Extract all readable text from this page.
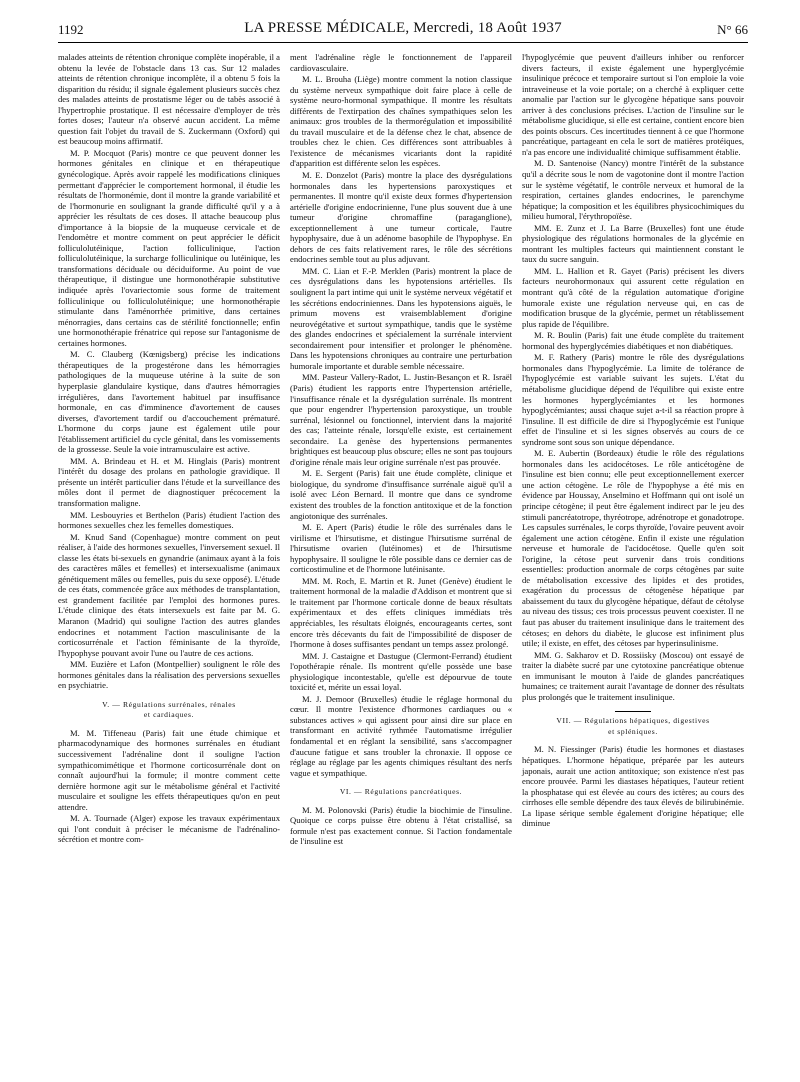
1192	LA PRESSE MÉDICALE, Mercredi, 18 Août 1937	N° 66

malades atteints de rétention chronique complète inopérable, il a obtenu la levée de l'obstacle dans 13 cas. Sur 12 malades atteints de rétention chronique incomplète, il a obtenu 5 fois la disparition du résidu; il signale également plusieurs succès chez des malades atteints de prostatisme léger ou de tabès associé à l'hypertrophie prostatique. Il est nécessaire d'employer de très fortes doses; l'auteur n'a observé aucun accident. La même question fait l'objet du travail de S. Zuckermann (Oxford) qui est beaucoup moins affirmatif.

M. P. Mocquot (Paris) montre ce que peuvent donner les hormones génitales en clinique et en thérapeutique gynécologique. Après avoir rappelé les modifications cliniques permettant d'apprécier le comportement hormonal, il étudie les résultats de l'hormonémie, dont il montre la grande variabilité et de l'hormonurie en soulignant la grande difficulté qu'il y a à apprécier les résultats de ces doses. Il attache beaucoup plus d'importance à la biopsie de la muqueuse cervicale et de l'endomètre et montre comment on peut apprécier le déficit folliculolutéinique, l'action folliculinique, l'action folliculolutéinique, la surcharge folliculinique ou lutéinique, les transformations déciduale ou déciduiforme. Au point de vue thérapeutique, il distingue une hormonothérapie substitutive indiquée après l'ovariectomie sous forme de traitement folliculinique ou folliculolutéinique; une hormonothérapie stimulante dans l'aménorrhée primitive, dans certaines ménorragies, dans certains cas de stérilité fonctionnelle; enfin une hormonothérapie frénatrice qui repose sur l'antagonisme de certaines hormones.

M. C. Clauberg (Kœnigsberg) précise les indications thérapeutiques de la progestérone dans les hémorragies pathologiques de la muqueuse utérine à la suite de son hyperplasie glandulaire kystique, dans d'autres hémorragies irrégulières, dans l'avortement habituel par insuffisance hormonale, en cas d'imminence d'avortement de causes diverses, d'avortement tardif ou d'accouchement prématuré. L'hormone du corps jaune est également utile pour l'établissement artificiel du cycle génital, dans les vomissements de la grossesse. Seule la voie intramusculaire est active.

MM. A. Brindeau et H. et M. Hinglais (Paris) montrent l'intérêt du dosage des prolans en pathologie gravidique. Il présente un intérêt particulier dans l'étude et la surveillance des môles dont il permet de diagnostiquer précocement la transformation maligne.

MM. Lesbouyries et Berthelon (Paris) étudient l'action des hormones sexuelles chez les femelles domestiques.

M. Knud Sand (Copenhague) montre comment on peut réaliser, à l'aide des hormones sexuelles, l'inversement sexuel. Il classe les états bi-sexuels en gynandrie (animaux ayant à la fois des caractères mâles et femelles) et intersexualisme (animaux génétiquement mâles ou femelles, puis du sexe opposé). L'étude de ces états, commencée grâce aux méthodes de transplantation, est grandement facilitée par l'emploi des hormones pures. L'étude clinique des états intersexuels est faite par M. G. Maranon (Madrid) qui souligne l'action des autres glandes endocrines et notamment l'action masculinisante de la corticosurrénale et l'action féminisante de la thyroïde, l'hypophyse pouvant avoir l'une ou l'autre de ces actions.

MM. Euzière et Lafon (Montpellier) soulignent le rôle des hormones génitales dans la réalisation des perversions sexuelles en psychiatrie.

V. — Régulations surrénales, rénales
et cardiaques.

M. M. Tiffeneau (Paris) fait une étude chimique et pharmacodynamique des hormones surrénales en étudiant successivement l'adrénaline dont il souligne l'action sympathicomimétique et l'hormone corticosurrénale dont on connaît aujourd'hui la formule; il montre comment cette dernière hormone agit sur le métabolisme général et l'activité musculaire et souligne les effets thérapeutiques qu'on en peut attendre.

M. A. Tournade (Alger) expose les travaux expérimentaux qui l'ont conduit à préciser le mécanisme de l'adrénalino-sécrétion et montre com-

ment l'adrénaline règle le fonctionnement de l'appareil cardiovasculaire.

M. L. Brouha (Liège) montre comment la notion classique du système nerveux sympathique doit faire place à celle de système neuro-hormonal sympathique. Il montre les résultats différents de l'extirpation des chaînes sympathiques selon les animaux: gros troubles de la thermorégulation et impossibilité du travail musculaire et de la défense chez le chat, absence de troubles chez le chien. Ces différences sont attribuables à l'existence de mécanismes vicariants dont la rapidité d'apparition est différente selon les espèces.

M. E. Donzelot (Paris) montre la place des dysrégulations hormonales dans les hypertensions paroxystiques et permanentes. Il montre qu'il existe deux formes d'hypertension artérielle d'origine endocrinienne, l'une plus souvent due à une tumeur d'origine chromaffine (paraganglione), exceptionnellement à une tumeur corticale, l'autre hypophysaire, due à un adénome basophile de l'hypophyse. En dehors de ces faits relativement rares, le rôle des sécrétions endocrines semble tout au plus adjuvant.

MM. C. Lian et F.-P. Merklen (Paris) montrent la place de ces dysrégulations dans les hypotensions artérielles. Ils soulignent la part intime qui unit le système nerveux végétatif et les sécrétions endocriniennes. Dans les hypotensions aiguës, le primum movens est vraisemblablement d'origine neurovégétative et surtout sympathique, tandis que le système des glandes endocrines et spécialement la surrénale intervient secondairement pour intensifier et prolonger le phénomène. Dans les hypotensions chroniques au contraire une perturbation humorale importante et durable semble nécessaire.

MM. Pasteur Vallery-Radot, L. Justin-Besançon et R. Israël (Paris) étudient les rapports entre l'hypertension artérielle, l'insuffisance rénale et la dysrégulation surrénale. Ils montrent que pour engendrer l'hypertension paroxystique, un trouble surrénal, lésionnel ou fonctionnel, intervient dans la majorité des cas; l'atteinte rénale, lorsqu'elle existe, est certainement secondaire. La genèse des hypertensions permanentes brightiques est beaucoup plus obscure; elles ne sont pas toujours d'origine rénale mais leur origine surrénale n'est pas prouvée.

M. E. Sergent (Paris) fait une étude complète, clinique et biologique, du syndrome d'insuffisance surrénale aiguë qu'il a isolé avec Léon Bernard. Il montre que dans ce syndrome existent des troubles de la fonction antitoxique et de la fonction angiotonique des surrénales.

M. E. Apert (Paris) étudie le rôle des surrénales dans le virilisme et l'hirsutisme, et distingue l'hirsutisme surrénal de l'hirsutisme ovarien (lutéinomes) et de l'hirsutisme hypophysaire. Il souligne le rôle possible dans ce dernier cas de corticostimuline et de l'hormone lutéinisante.

MM. M. Roch, E. Martin et R. Junet (Genève) étudient le traitement hormonal de la maladie d'Addison et montrent que si le traitement par l'hormone corticale donne de beaux résultats expérimentaux et des effets cliniques immédiats très appréciables, les résultats éloignés, encourageants certes, sont encore très décevants du fait de l'impossibilité de disposer de l'hormone à doses suffisantes pendant un temps assez prolongé.

MM. J. Castaigne et Dastugue (Clermont-Ferrand) étudient l'opothérapie rénale. Ils montrent qu'elle possède une base physiologique incontestable, qu'elle est dépourvue de toute toxicité et, mérite un essai loyal.

M. J. Demoor (Bruxelles) étudie le réglage hormonal du cœur. Il montre l'existence d'hormones cardiaques ou « substances actives » qui agissent pour ainsi dire sur place en transformant en activité rythmée l'automatisme irrégulier fondamental et en réglant la sensibilité, sans s'accompagner d'aucune fatigue et sans troubler la chronaxie. Il oppose ce réglage au réglage par les agents chimiques résultant des nerfs vague et sympathique.

VI. — Régulations pancréatiques.

M. M. Polonovski (Paris) étudie la biochimie de l'insuline. Quoique ce corps puisse être obtenu à l'état cristallisé, sa formule n'est pas exactement connue. Si l'action fondamentale de l'insuline est

l'hypoglycémie que peuvent d'ailleurs inhiber ou renforcer divers facteurs, il existe également une hyperglycémie insulinique précoce et temporaire surtout si l'on emploie la voie intraveineuse et la voie portale; on a cherché à expliquer cette anomalie par l'action sur le glycogène hépatique sans pouvoir arriver à des conclusions précises. L'action de l'insuline sur le métabolisme glucidique, si elle est certaine, contient encore bien des points obscurs. Ces incertitudes tiennent à ce que l'hormone pancréatique, partageant en cela le sort de matières protéiques, n'a pas encore une individualité chimique suffisamment établie.

M. D. Santenoise (Nancy) montre l'intérêt de la substance qu'il a décrite sous le nom de vagotonine dont il montre l'action sur le système végétatif, le contrôle nerveux et humoral de la respiration, certaines glandes endocrines, le parenchyme hépatique; la composition et les équilibres physicochimiques du milieu humoral, l'érythropoïèse.

MM. E. Zunz et J. La Barre (Bruxelles) font une étude physiologique des régulations hormonales de la glycémie en montrant les multiples facteurs qui maintiennent constant le taux du sucre sanguin.

MM. L. Hallion et R. Gayet (Paris) précisent les divers facteurs neurohormonaux qui assurent cette régulation en montrant qu'à côté de la régulation automatique d'origine humorale existe une régulation nerveuse qui, en cas de modification brusque de la glycémie, permet un rétablissement plus rapide de l'équilibre.

M. R. Boulin (Paris) fait une étude complète du traitement hormonal des hyperglycémies diabétiques et non diabétiques.

M. F. Rathery (Paris) montre le rôle des dysrégulations hormonales dans l'hypoglycémie. La limite de tolérance de l'hypoglycémie est variable suivant les sujets. L'état du métabolisme glucidique dépend de l'équilibre qui existe entre les hormones hyperglycémiantes et les hormones hypoglycémiantes; aussi chaque sujet a-t-il sa réaction propre à l'insuline. Il est difficile de dire si l'hypoglycémie est l'unique effet de l'insuline et si les signes observés au cours de ce syndrome sont sous son unique dépendance.

M. E. Aubertin (Bordeaux) étudie le rôle des régulations hormonales dans les acidocétoses. Le rôle anticétogène de l'insuline est bien connu; elle peut exceptionnellement exercer une action cétogène. Le rôle de l'hypophyse a été mis en évidence par Houssay, Anselmino et Hoffmann qui ont isolé un principe cétogène; il peut être également indirect par le jeu des stimuli pancréatotrope, thyréotrope, adrénotrope et gonadotrope. Les capsules surrénales, le corps thyroïde, l'ovaire peuvent avoir également une action cétogène. Enfin il existe une régulation nerveuse et humorale de l'acidocétose. Quelle qu'en soit l'origine, la cétose peut survenir dans trois conditions essentielles: production anormale de corps cétogènes par suite de métabolisation excessive des lipides et des protides, exagération du processus de cétogenèse hépatique par abaissement du taux du glycogène hépatique, défaut de cétolyse au niveau des tissus; ces trois processus peuvent coexister. Il ne faut pas abuser du traitement insulinique dans le traitement des cétoses; en dehors du diabète, le glucose est infiniment plus utile; il existe, en effet, des cétoses par hyperinsulinisme.

MM. G. Sakharov et D. Rossiisky (Moscou) ont essayé de traiter la diabète sucré par une cytotoxine pancréatique obtenue en immunisant le mouton à l'aide de glandes pancréatiques humaines; ce traitement aurait l'avantage de donner des résultats plus prolongés que le traitement insulinique.

VII. — Régulations hépatiques, digestives
et spléniques.

M. N. Fiessinger (Paris) étudie les hormones et diastases hépatiques. L'hormone hépatique, préparée par les auteurs japonais, aurait une action antitoxique; son existence n'est pas encore prouvée. Parmi les diastases hépatiques, l'auteur retient la phosphatase qui est élevée au cours des ictères; au cours des cirrhoses elle semble dépendre des taux élevés de bilirubinémie. La lipase sérique semble également d'origine hépatique; elle diminue
